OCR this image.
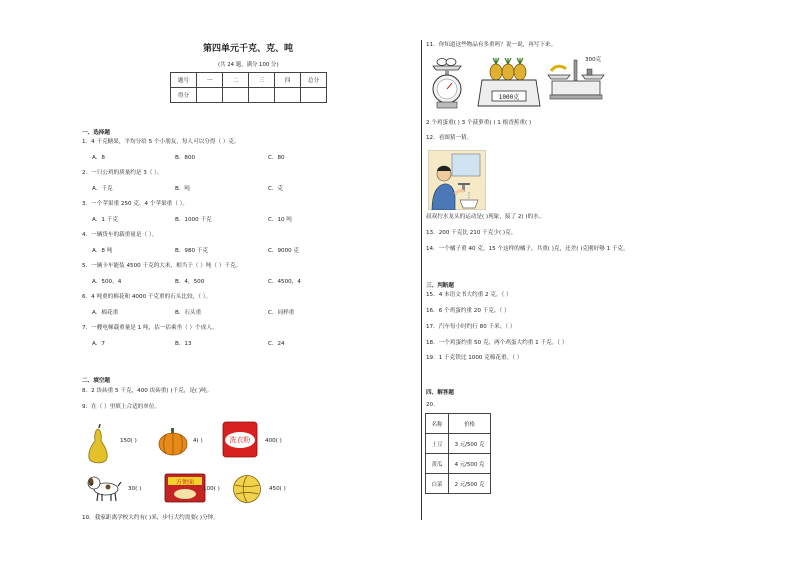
第四单元千克、克、吨
(共 24 题，满分 100 分)
题号	一	二	三	四	总分
得分					
一、选择题
1．4 千克糖果，平均分给 5 个小朋友，每人可以分得（ ）克。
A．8	B．800	C．80
2．一只公鸡的质量约是 3（ ）。
A．千克	B．吨	C．克
3．一个苹果重 250 克，4 个苹果重（ ）。
A．1 千克	B．1000 千克	C．10 吨
4．一辆货车的载重量是（ ）。
A．8 吨	B．980 千克	C．9000 克
5．一辆卡车能装 4500 千克的大米，相当于（ ）吨（ ）千克。
A．500，4	B．4，500	C．4500，4
6．4 吨重的棉花和 4000 千克重的石头比较，（ ）。
A．棉花重	B．石头重	C．同样重
7．一艘电梯载重量是 1 吨，估一估乘坐（ ）个成人。
A．7	B．13	C．24
二、填空题
8．2 块砖重 5 千克，400 块砖重( )千克，是( )吨。
9．在（ ）里填上合适的单位。
150( )	4( )	洗衣粉	400( )
30( )
方便面
100( )	450( )
10．我家距离学校大约有( )米，步行大约需要( )分钟。
11．你知道这些物品有多重吗？说一说，再写下来。
1000克
300克
2 个鸡蛋重( ) 3 个菠萝重( ) 1 根香蕉重( )
12．看图猜一猜。
叔叔拧水龙头的运动是( )现象，接了 2( )的水。
13．200 千克比 210 千克少( )克。
14．一个橘子重 40 克，15 个这样的橘子，共重( )克，还差( )克刚好够 1 千克。
三、判断题
15．4 本语文书大约重 2 克。（ ）
16．6 个鸡蛋约重 20 千克。（ ）
17．汽车每小时约行 80 千米。（ ）
18．一个鸡蛋约重 50 克，两个鸡蛋大约重 1 千克。（ ）
19．1 千克铁比 1000 克棉花重。（ ）
四、解答题
20．
名称	价格
土豆	3 元/500 克
黄瓜	4 元/500 克
白菜	2 元/500 克
